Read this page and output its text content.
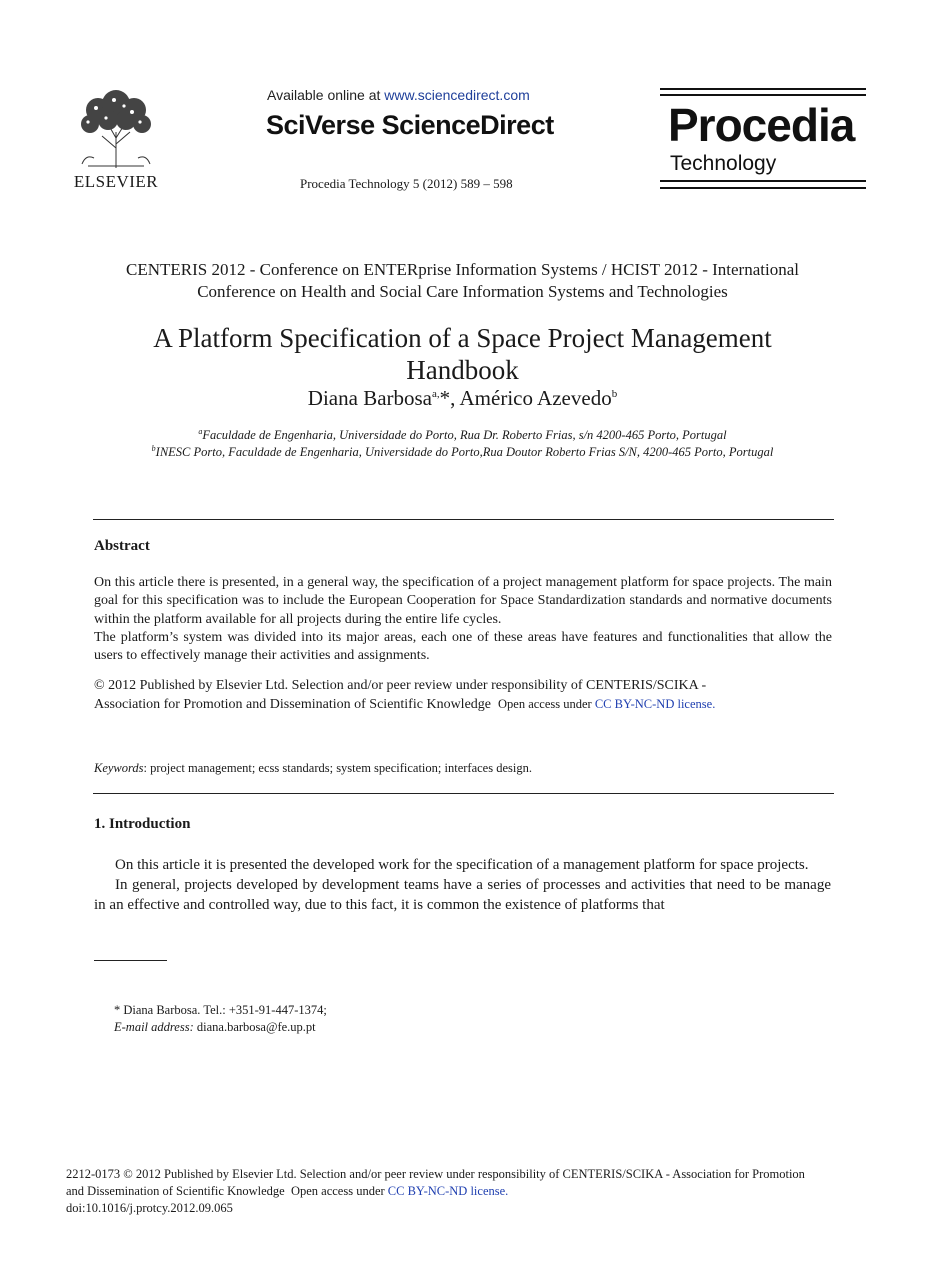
ELSEVIER
Available online at www.sciencedirect.com
SciVerse ScienceDirect
Procedia Technology 5 (2012) 589 – 598
Procedia
Technology
CENTERIS 2012 - Conference on ENTERprise Information Systems / HCIST 2012 - International
Conference on Health and Social Care Information Systems and Technologies
A Platform Specification of a Space Project Management
Handbook
Diana Barbosa$^{a,}$*, Américo Azevedo$^b$
$^a$Faculdade de Engenharia, Universidade do Porto, Rua Dr. Roberto Frias, s/n 4200-465 Porto, Portugal
$^b$INESC Porto, Faculdade de Engenharia, Universidade do Porto,Rua Doutor Roberto Frias S/N, 4200-465 Porto, Portugal
Abstract

On this article there is presented, in a general way, the specification of a project management platform for space projects. The main goal for this specification was to include the European Cooperation for Space Standardization standards and normative documents within the platform available for all projects during the entire life cycles.

The platform’s system was divided into its major areas, each one of these areas have features and functionalities that allow the users to effectively manage their activities and assignments.

© 2012 Published by Elsevier Ltd. Selection and/or peer review under responsibility of CENTERIS/SCIKA -
Association for Promotion and Dissemination of Scientific Knowledge Open access under CC BY-NC-ND license.
Keywords: project management; ecss standards; system specification; interfaces design.
1. Introduction

On this article it is presented the developed work for the specification of a management platform for space projects.

In general, projects developed by development teams have a series of processes and activities that need to be manage in an effective and controlled way, due to this fact, it is common the existence of platforms that

* Diana Barbosa. Tel.: +351-91-447-1374;
E-mail address: diana.barbosa@fe.up.pt
2212-0173 © 2012 Published by Elsevier Ltd. Selection and/or peer review under responsibility of CENTERIS/SCIKA - Association for Promotion
and Dissemination of Scientific Knowledge Open access under CC BY-NC-ND license.
doi:10.1016/j.protcy.2012.09.065
